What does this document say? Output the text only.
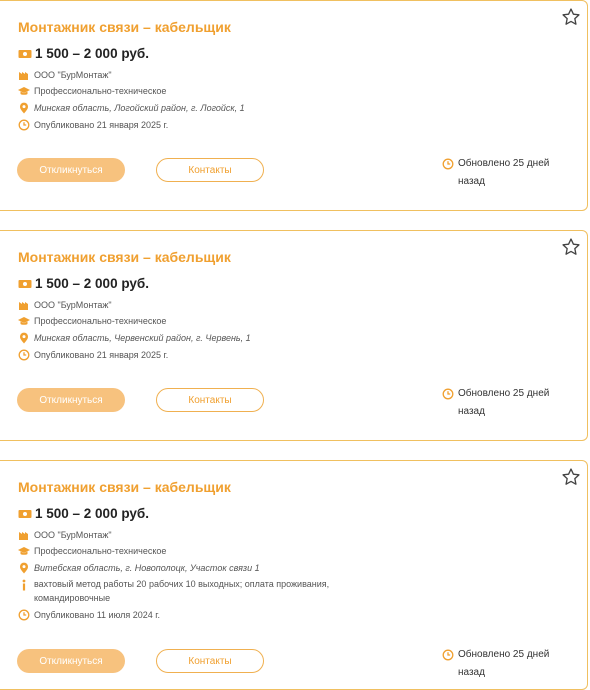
Монтажник связи – кабельщик
1 500 – 2 000 руб.
ООО "БурМонтаж"
Профессионально-техническое
Минская область, Логойский район, г. Логойск, 1
Опубликовано 21 января 2025 г.
Откликнуться	Контакты
Обновлено 25 дней назад
Монтажник связи – кабельщик
1 500 – 2 000 руб.
ООО "БурМонтаж"
Профессионально-техническое
Минская область, Червенский район, г. Червень, 1
Опубликовано 21 января 2025 г.
Откликнуться	Контакты
Обновлено 25 дней назад
Монтажник связи – кабельщик
1 500 – 2 000 руб.
ООО "БурМонтаж"
Профессионально-техническое
Витебская область, г. Новополоцк, Участок связи 1
вахтовый метод работы 20 рабочих 10 выходных; оплата проживания, командировочные
Опубликовано 11 июля 2024 г.
Откликнуться	Контакты
Обновлено 25 дней назад
